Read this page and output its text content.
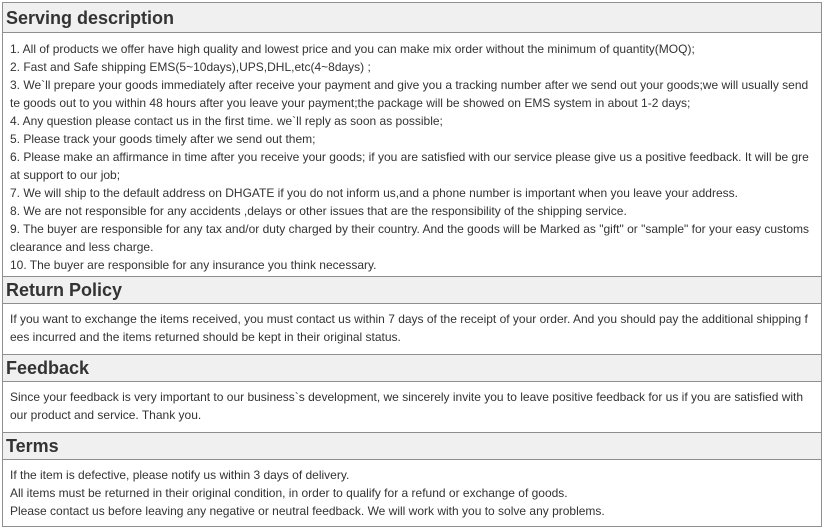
Serving description

1. All of products we offer have high quality and lowest price and you can make mix order without the minimum of quantity(MOQ);

2. Fast and Safe shipping EMS(5~10days),UPS,DHL,etc(4~8days) ;

3. We`ll prepare your goods immediately after receive your payment and give you a tracking number after we send out your goods;we will usually send te goods out to you within 48 hours after you leave your payment;the package will be showed on EMS system in about 1-2 days;

4. Any question please contact us in the first time. we`ll reply as soon as possible;

5. Please track your goods timely after we send out them;

6. Please make an affirmance in time after you receive your goods; if you are satisfied with our service please give us a positive feedback. It will be great support to our job;

7. We will ship to the default address on DHGATE if you do not inform us,and a phone number is important when you leave your address.

8. We are not responsible for any accidents ,delays or other issues that are the responsibility of the shipping service.

9. The buyer are responsible for any tax and/or duty charged by their country. And the goods will be Marked as "gift" or "sample" for your easy customs clearance and less charge.

10. The buyer are responsible for any insurance you think necessary.

Return Policy

If you want to exchange the items received, you must contact us within 7 days of the receipt of your order. And you should pay the additional shipping fees incurred and the items returned should be kept in their original status.

Feedback

Since your feedback is very important to our business`s development, we sincerely invite you to leave positive feedback for us if you are satisfied with our product and service. Thank you.

Terms

If the item is defective, please notify us within 3 days of delivery.

All items must be returned in their original condition, in order to qualify for a refund or exchange of goods.

Please contact us before leaving any negative or neutral feedback. We will work with you to solve any problems.
